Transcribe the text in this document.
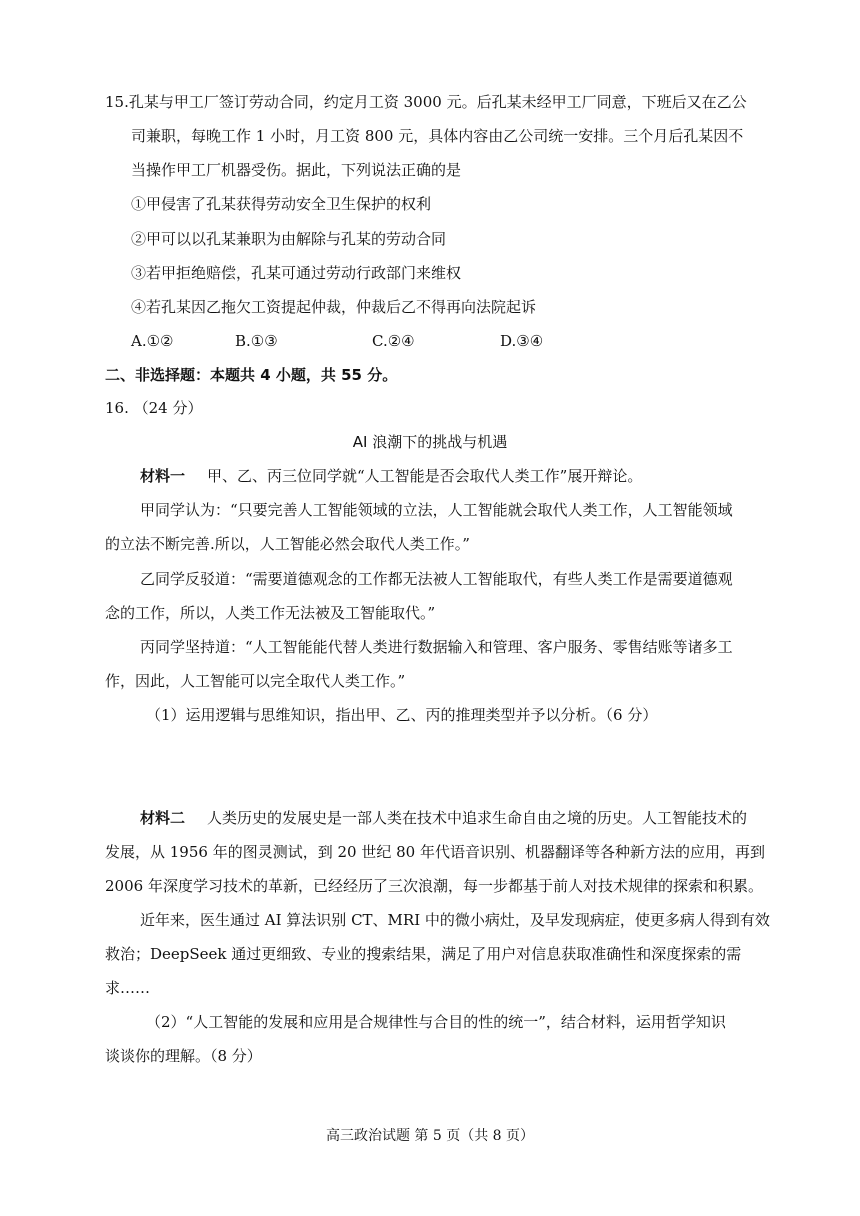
15.孔某与甲工厂签订劳动合同，约定月工资 3000 元。后孔某未经甲工厂同意，下班后又在乙公
司兼职，每晚工作 1 小时，月工资 800 元，具体内容由乙公司统一安排。三个月后孔某因不
当操作甲工厂机器受伤。据此，下列说法正确的是
①甲侵害了孔某获得劳动安全卫生保护的权利
②甲可以以孔某兼职为由解除与孔某的劳动合同
③若甲拒绝赔偿，孔某可通过劳动行政部门来维权
④若孔某因乙拖欠工资提起仲裁，仲裁后乙不得再向法院起诉
A.①②	B.①③	C.②④	D.③④
二、非选择题：本题共 4 小题，共 55 分。
16. （24 分）
AI 浪潮下的挑战与机遇
材料一 甲、乙、丙三位同学就“人工智能是否会取代人类工作”展开辩论。
甲同学认为：“只要完善人工智能领域的立法，人工智能就会取代人类工作，人工智能领域
的立法不断完善.所以，人工智能必然会取代人类工作。”
乙同学反驳道：“需要道德观念的工作都无法被人工智能取代，有些人类工作是需要道德观
念的工作，所以，人类工作无法被及工智能取代。”
丙同学坚持道：“人工智能能代替人类进行数据输入和管理、客户服务、零售结账等诸多工
作，因此，人工智能可以完全取代人类工作。”
（1）运用逻辑与思维知识，指出甲、乙、丙的推理类型并予以分析。（6 分）
材料二 人类历史的发展史是一部人类在技术中追求生命自由之境的历史。人工智能技术的
发展，从 1956 年的图灵测试，到 20 世纪 80 年代语音识别、机器翻译等各种新方法的应用，再到
2006 年深度学习技术的革新，已经经历了三次浪潮，每一步都基于前人对技术规律的探索和积累。
近年来，医生通过 AI 算法识别 CT、MRI 中的微小病灶，及早发现病症，使更多病人得到有效
救治；DeepSeek 通过更细致、专业的搜索结果，满足了用户对信息获取准确性和深度探索的需
求……
（2）“人工智能的发展和应用是合规律性与合目的性的统一”，结合材料，运用哲学知识
谈谈你的理解。（8 分）
高三政治试题 第 5 页（共 8 页）
